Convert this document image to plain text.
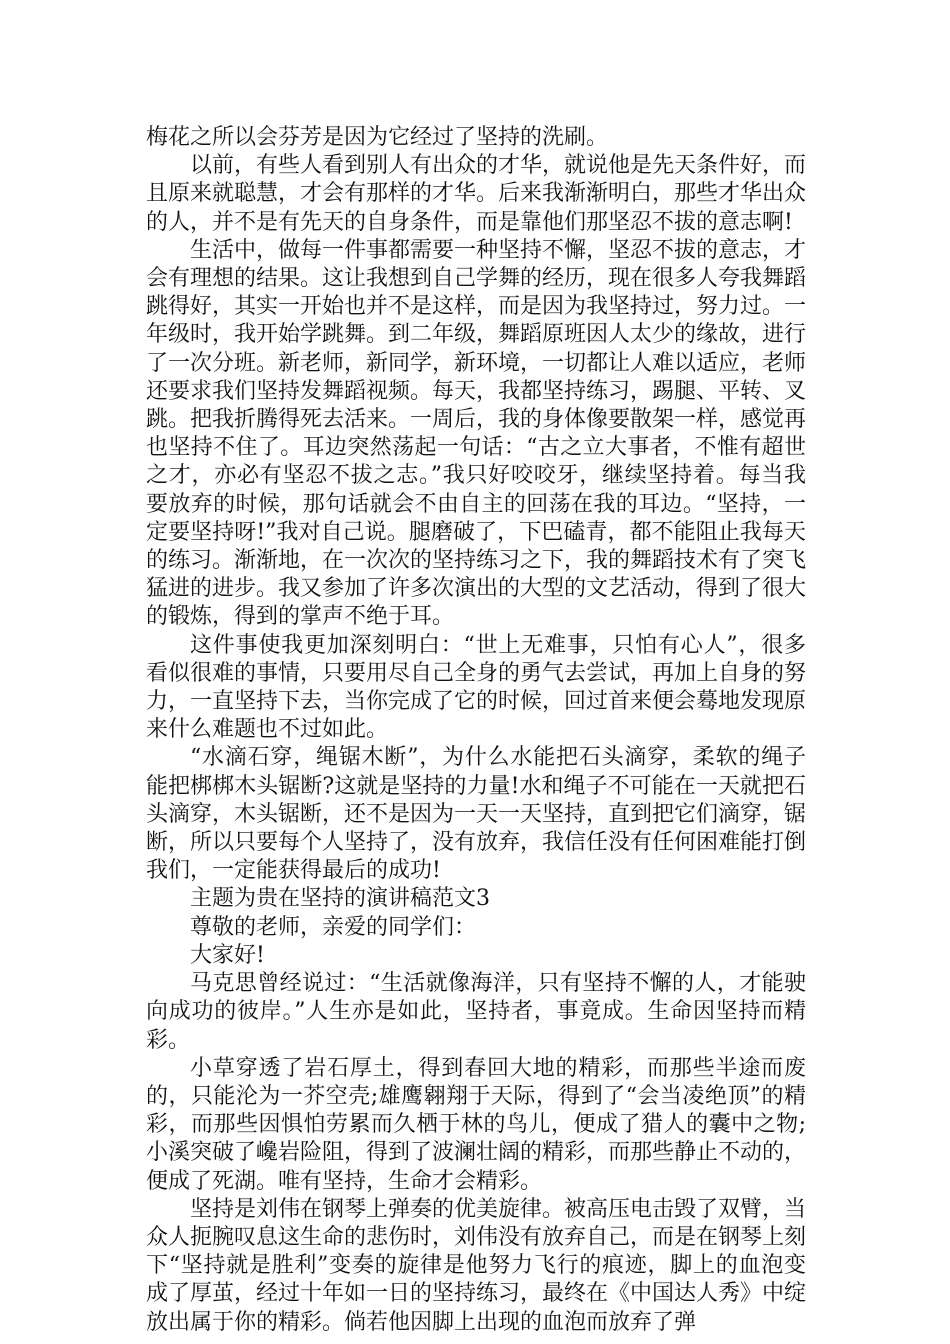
梅花之所以会芬芳是因为它经过了坚持的洗刷。

以前，有些人看到别人有出众的才华，就说他是先天条件好，而且原来就聪慧，才会有那样的才华。后来我渐渐明白，那些才华出众的人，并不是有先天的自身条件，而是靠他们那坚忍不拔的意志啊!

生活中，做每一件事都需要一种坚持不懈，坚忍不拔的意志，才会有理想的结果。这让我想到自己学舞的经历，现在很多人夸我舞蹈跳得好，其实一开始也并不是这样，而是因为我坚持过，努力过。一年级时，我开始学跳舞。到二年级，舞蹈原班因人太少的缘故，进行了一次分班。新老师，新同学，新环境，一切都让人难以适应，老师还要求我们坚持发舞蹈视频。每天，我都坚持练习，踢腿、平转、叉跳。把我折腾得死去活来。一周后，我的身体像要散架一样，感觉再也坚持不住了。耳边突然荡起一句话：“古之立大事者，不惟有超世之才，亦必有坚忍不拔之志。”我只好咬咬牙，继续坚持着。每当我要放弃的时候，那句话就会不由自主的回荡在我的耳边。“坚持，一定要坚持呀!”我对自己说。腿磨破了，下巴磕青，都不能阻止我每天的练习。渐渐地，在一次次的坚持练习之下，我的舞蹈技术有了突飞猛进的进步。我又参加了许多次演出的大型的文艺活动，得到了很大的锻炼，得到的掌声不绝于耳。

这件事使我更加深刻明白：“世上无难事，只怕有心人”，很多看似很难的事情，只要用尽自己全身的勇气去尝试，再加上自身的努力，一直坚持下去，当你完成了它的时候，回过首来便会蓦地发现原来什么难题也不过如此。

“水滴石穿，绳锯木断”，为什么水能把石头滴穿，柔软的绳子能把梆梆木头锯断?这就是坚持的力量!水和绳子不可能在一天就把石头滴穿，木头锯断，还不是因为一天一天坚持，直到把它们滴穿，锯断，所以只要每个人坚持了，没有放弃，我信任没有任何困难能打倒我们，一定能获得最后的成功!

主题为贵在坚持的演讲稿范文3

尊敬的老师，亲爱的同学们：

大家好!

马克思曾经说过：“生活就像海洋，只有坚持不懈的人，才能驶向成功的彼岸。”人生亦是如此，坚持者，事竟成。生命因坚持而精彩。

小草穿透了岩石厚土，得到春回大地的精彩，而那些半途而废的，只能沦为一芥空壳;雄鹰翱翔于天际，得到了“会当凌绝顶”的精彩，而那些因惧怕劳累而久栖于林的鸟儿，便成了猎人的囊中之物;小溪突破了巉岩险阻，得到了波澜壮阔的精彩，而那些静止不动的，便成了死湖。唯有坚持，生命才会精彩。

坚持是刘伟在钢琴上弹奏的优美旋律。被高压电击毁了双臂，当众人扼腕叹息这生命的悲伤时，刘伟没有放弃自己，而是在钢琴上刻下“坚持就是胜利”变奏的旋律是他努力飞行的痕迹，脚上的血泡变成了厚茧，经过十年如一日的坚持练习，最终在《中国达人秀》中绽放出属于你的精彩。倘若他因脚上出现的血泡而放弃了弹
